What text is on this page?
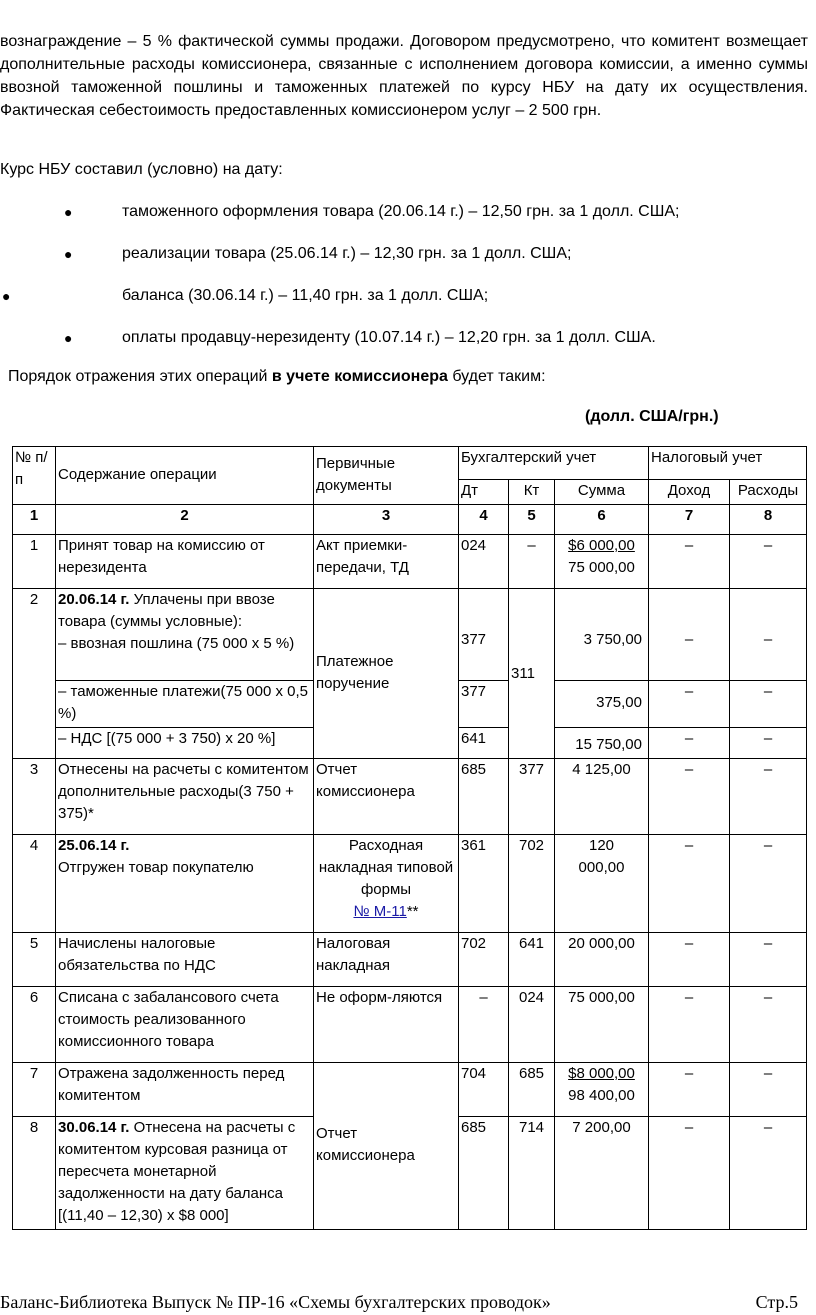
вознаграждение – 5 % фактической суммы продажи. Договором предусмотрено, что комитент возмещает дополнительные расходы комиссионера, связанные с исполнением договора комиссии, а именно суммы ввозной таможенной пошлины и таможенных платежей по курсу НБУ на дату их осуществления. Фактическая себестоимость предоставленных комиссионером услуг – 2 500 грн.
Курс НБУ составил (условно) на дату:
●	таможенного оформления товара (20.06.14 г.) – 12,50 грн. за 1 долл. США;
●	реализации товара (25.06.14 г.) – 12,30 грн. за 1 долл. США;
●	баланса (30.06.14 г.) – 11,40 грн. за 1 долл. США;
●	оплаты продавцу-нерезиденту (10.07.14 г.) – 12,20 грн. за 1 долл. США.
Порядок отражения этих операций в учете комиссионера будет таким:
(долл. США/грн.)
№ п/п	Содержание операции	Первичные документы	Бухгалтерский учет			Налоговый учет	
			Дт	Кт	Сумма	Доход	Расходы
1	2	3	4	5	6	7	8
1	Принят товар на комиссию от нерезидента	Акт приемки-передачи, ТД	024	–	$6 000,00
75 000,00	–	–
2	20.06.14 г. Уплачены при ввозе товара (суммы условные):
– ввозная пошлина (75 000 х 5 %)	Платежное поручение	377	311	3 750,00	–	–
	– таможенные платежи(75 000 х 0,5 %)		377		375,00	–	–
	– НДС [(75 000 + 3 750) х 20 %]		641		15 750,00	–	–
3	Отнесены на расчеты с комитентом дополнительные расходы(3 750 + 375)*	Отчет комиссионера	685	377	4 125,00	–	–
4	25.06.14 г.
Отгружен товар покупателю	Расходная накладная типовой формы
№ М-11**	361	702	120 000,00	–	–
5	Начислены налоговые обязательства по НДС	Налоговая накладная	702	641	20 000,00	–	–
6	Списана с забалансового счета стоимость реализованного комиссионного товара	Не оформ-ляются	–	024	75 000,00	–	–
7	Отражена задолженность перед комитентом	Отчет комиссионера	704	685	$8 000,00
98 400,00	–	–
8	30.06.14 г. Отнесена на расчеты с комитентом курсовая разница от пересчета монетарной задолженности на дату баланса [(11,40 – 12,30) х $8 000]		685	714	7 200,00	–	–
Баланс-Библиотека Выпуск № ПР-16 «Схемы бухгалтерских проводок»	Стр.5
